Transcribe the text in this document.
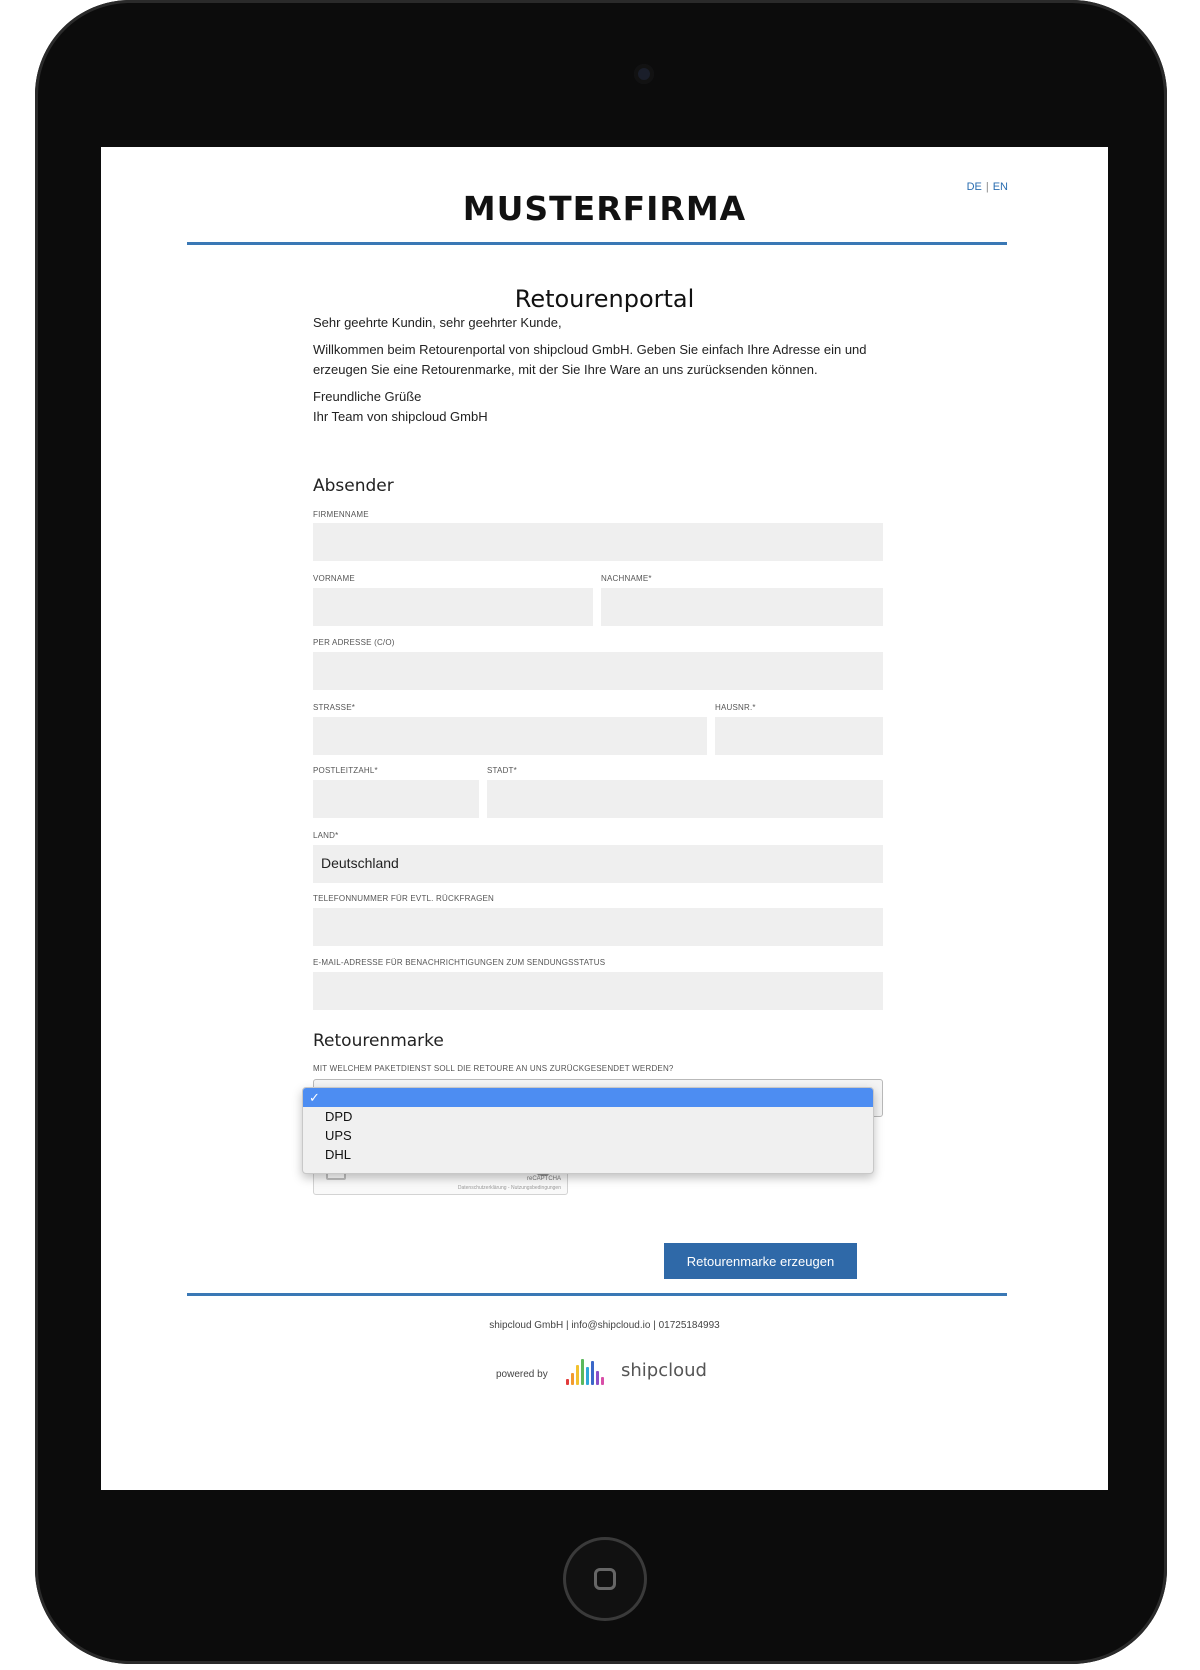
DE | EN
MUSTERFIRMA
Retourenportal

Sehr geehrte Kundin, sehr geehrter Kunde,

Willkommen beim Retourenportal von shipcloud GmbH. Geben Sie einfach Ihre Adresse ein und erzeugen Sie eine Retourenmarke, mit der Sie Ihre Ware an uns zurücksenden können.

Freundliche Grüße

Ihr Team von shipcloud GmbH

Absender
FIRMENNAME
VORNAME	NACHNAME*
PER ADRESSE (C/O)
STRASSE*	HAUSNR.*
POSTLEITZAHL*	STADT*
LAND*
Deutschland
TELEFONNUMMER FÜR EVTL. RÜCKFRAGEN
E-MAIL-ADRESSE FÜR BENACHRICHTIGUNGEN ZUM SENDUNGSSTATUS
Retourenmarke
MIT WELCHEM PAKETDIENST SOLL DIE RETOURE AN UNS ZURÜCKGESENDET WERDEN?
reCAPTCHA
Datenschutzerklärung - Nutzungsbedingungen
✓
DPD
UPS
DHL
Retourenmarke erzeugen
shipcloud GmbH | info@shipcloud.io | 01725184993
powered by	shipcloud
